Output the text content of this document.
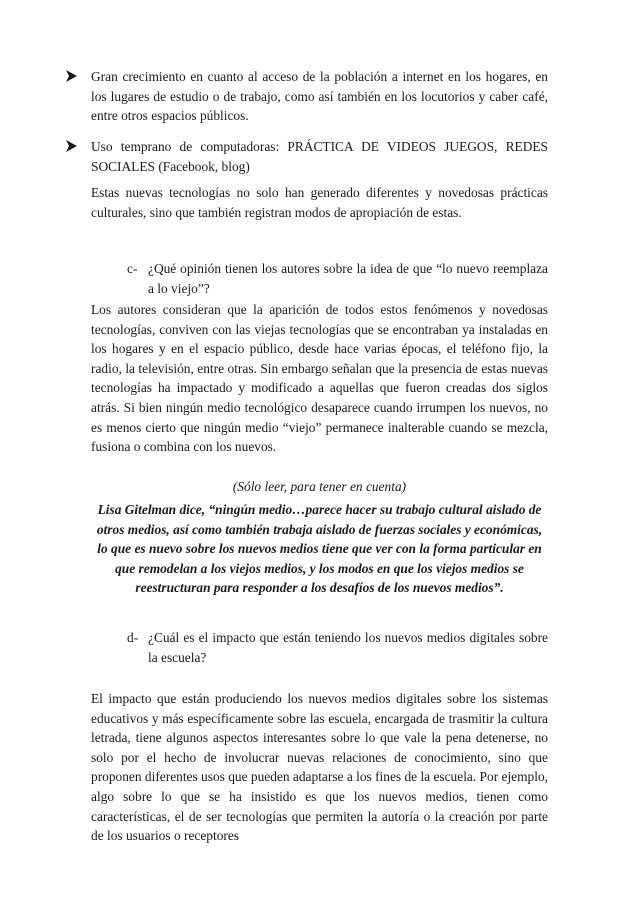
Gran crecimiento en cuanto al acceso de la población a internet en los hogares, en los lugares de estudio o de trabajo, como así también en los locutorios y caber café, entre otros espacios públicos.
Uso temprano de computadoras: PRÁCTICA DE VIDEOS JUEGOS, REDES SOCIALES (Facebook, blog)
Estas nuevas tecnologías no solo han generado diferentes y novedosas prácticas culturales, sino que también registran modos de apropiación de estas.
c- ¿Qué opinión tienen los autores sobre la idea de que “lo nuevo reemplaza a lo viejo”?
Los autores consideran que la aparición de todos estos fenómenos y novedosas tecnologías, conviven con las viejas tecnologías que se encontraban ya instaladas en los hogares y en el espacio público, desde hace varias épocas, el teléfono fijo, la radio, la televisión, entre otras. Sin embargo señalan que la presencia de estas nuevas tecnologías ha impactado y modificado a aquellas que fueron creadas dos siglos atrás. Si bien ningún medio tecnológico desaparece cuando irrumpen los nuevos, no es menos cierto que ningún medio “viejo” permanece inalterable cuando se mezcla, fusiona o combina con los nuevos.
(Sólo leer, para tener en cuenta)
Lisa Gitelman dice, “ningún medio…parece hacer su trabajo cultural aislado de otros medios, así como también trabaja aislado de fuerzas sociales y económicas, lo que es nuevo sobre los nuevos medios tiene que ver con la forma particular en que remodelan a los viejos medios, y los modos en que los viejos medios se reestructuran para responder a los desafíos de los nuevos medios”.
d- ¿Cuál es el impacto que están teniendo los nuevos medios digitales sobre la escuela?
El impacto que están produciendo los nuevos medios digitales sobre los sistemas educativos y más específicamente sobre las escuela, encargada de trasmitir la cultura letrada, tiene algunos aspectos interesantes sobre lo que vale la pena detenerse, no solo por el hecho de involucrar nuevas relaciones de conocimiento, sino que proponen diferentes usos que pueden adaptarse a los fines de la escuela. Por ejemplo, algo sobre lo que se ha insistido es que los nuevos medios, tienen como características, el de ser tecnologías que permiten la autoría o la creación por parte de los usuarios o receptores
